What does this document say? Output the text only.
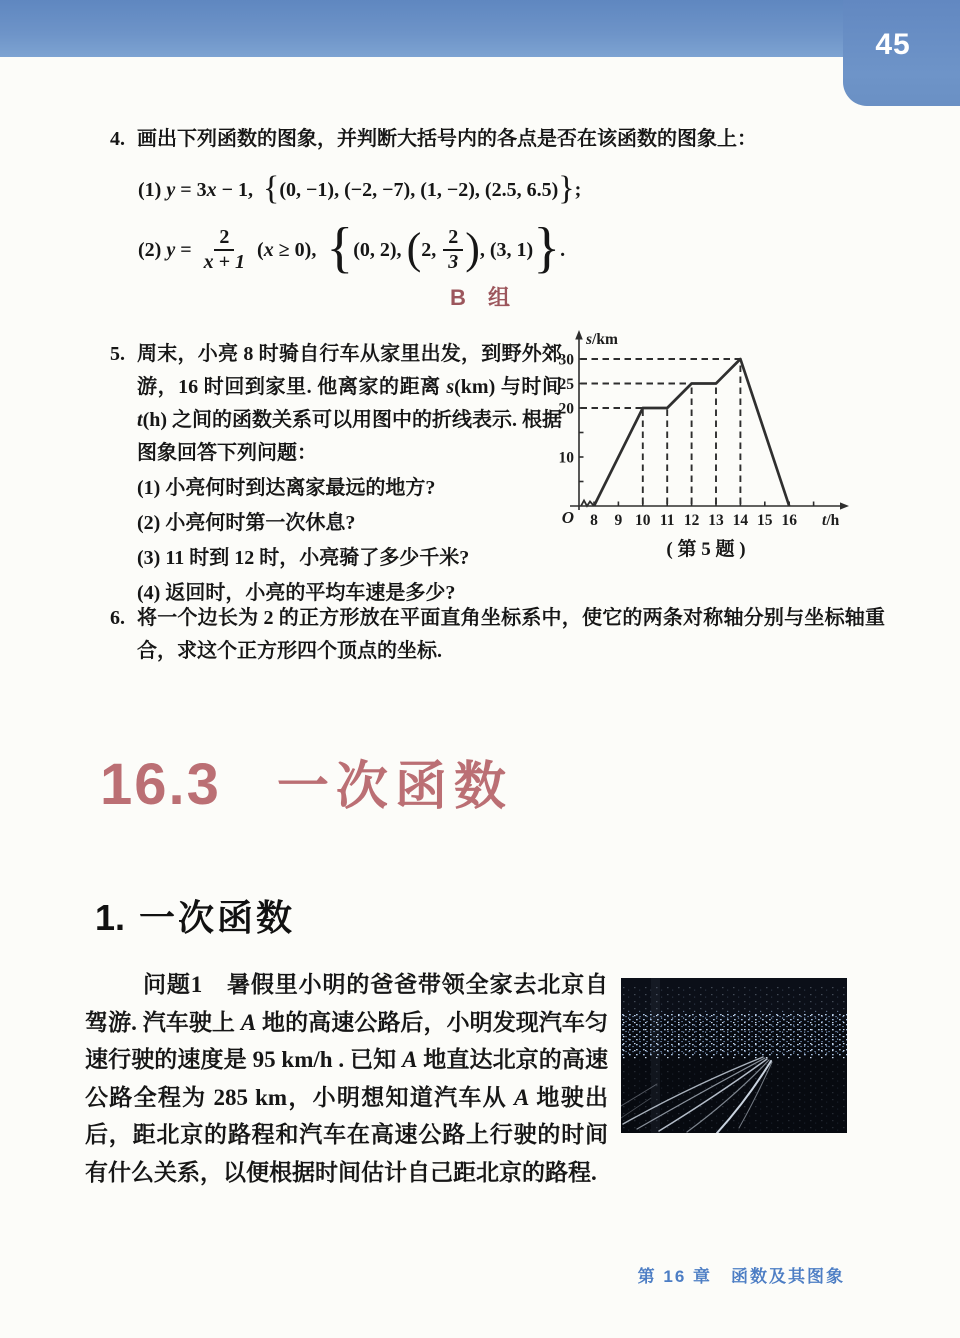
45
4. 画出下列函数的图象，并判断大括号内的各点是否在该函数的图象上：
(1) y = 3 x − 1, { (0, −1), (−2, −7), (1, −2), (2.5, 6.5) } ;
(2) $y = \frac{2}{x + 1}$ ( x ≥ 0), { (0, 2), ( 2, $\frac{2}{3}$ ) , (3, 1) } .
B 组
5. 周末，小亮 8 时骑自行车从家里出发，到野外郊游，16 时回到家里. 他离家的距离 s(km) 与时间 t(h) 之间的函数关系可以用图中的折线表示. 根据图象回答下列问题：
(1) 小亮何时到达离家最远的地方?
(2) 小亮何时第一次休息?
(3) 11 时到 12 时，小亮骑了多少千米?
(4) 返回时，小亮的平均车速是多少?
8 9 10 11 12 13 14 15 16
10
20
25
30
s/km
t/h
O
( 第 5 题 )
6. 将一个边长为 2 的正方形放在平面直角坐标系中，使它的两条对称轴分别与坐标轴重合，求这个正方形四个顶点的坐标.
16.3 一次函数
1. 一次函数
问题1　暑假里小明的爸爸带领全家去北京自驾游. 汽车驶上 A 地的高速公路后，小明发现汽车匀速行驶的速度是 95 km/h . 已知 A 地直达北京的高速公路全程为 285 km，小明想知道汽车从 A 地驶出后，距北京的路程和汽车在高速公路上行驶的时间有什么关系，以便根据时间估计自己距北京的路程.
第 16 章　函数及其图象
